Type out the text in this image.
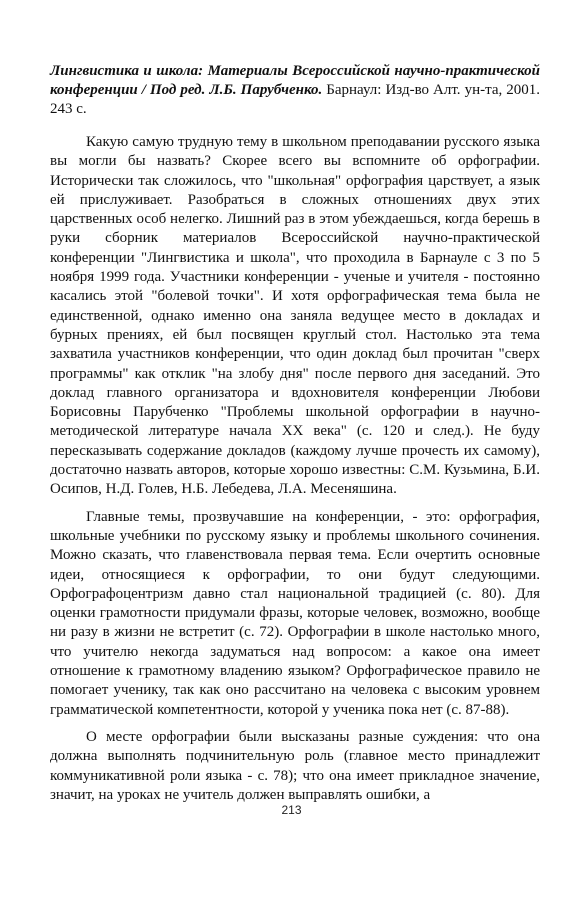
Лингвистика и школа: Материалы Всероссийской научно-практической конференции / Под ред. Л.Б. Парубченко. Барнаул: Изд-во Алт. ун-та, 2001. 243 с.

Какую самую трудную тему в школьном преподавании русского языка вы могли бы назвать? Скорее всего вы вспомните об орфографии. Исторически так сложилось, что "школьная" орфография царствует, а язык ей прислуживает. Разобраться в сложных отношениях двух этих царственных особ нелегко. Лишний раз в этом убеждаешься, когда берешь в руки сборник материалов Всероссийской научно-практической конференции "Лингвистика и школа", что проходила в Барнауле с 3 по 5 ноября 1999 года. Участники конференции - ученые и учителя - постоянно касались этой "болевой точки". И хотя орфографическая тема была не единственной, однако именно она заняла ведущее место в докладах и бурных прениях, ей был посвящен круглый стол. Настолько эта тема захватила участников конференции, что один доклад был прочитан "сверх программы" как отклик "на злобу дня" после первого дня заседаний. Это доклад главного организатора и вдохновителя конференции Любови Борисовны Парубченко "Проблемы школьной орфографии в научно-методической литературе начала XX века" (с. 120 и след.). Не буду пересказывать содержание докладов (каждому лучше прочесть их самому), достаточно назвать авторов, которые хорошо известны: С.М. Кузьмина, Б.И. Осипов, Н.Д. Голев, Н.Б. Лебедева, Л.А. Месеняшина.

Главные темы, прозвучавшие на конференции, - это: орфография, школьные учебники по русскому языку и проблемы школьного сочинения. Можно сказать, что главенствовала первая тема. Если очертить основные идеи, относящиеся к орфографии, то они будут следующими. Орфографоцентризм давно стал национальной традицией (с. 80). Для оценки грамотности придумали фразы, которые человек, возможно, вообще ни разу в жизни не встретит (с. 72). Орфографии в школе настолько много, что учителю некогда задуматься над вопросом: а какое она имеет отношение к грамотному владению языком? Орфографическое правило не помогает ученику, так как оно рассчитано на человека с высоким уровнем грамматической компетентности, которой у ученика пока нет (с. 87-88).

О месте орфографии были высказаны разные суждения: что она должна выполнять подчинительную роль (главное место принадлежит коммуникативной роли языка - с. 78); что она имеет прикладное значение, значит, на уроках не учитель должен выправлять ошибки, а

213
